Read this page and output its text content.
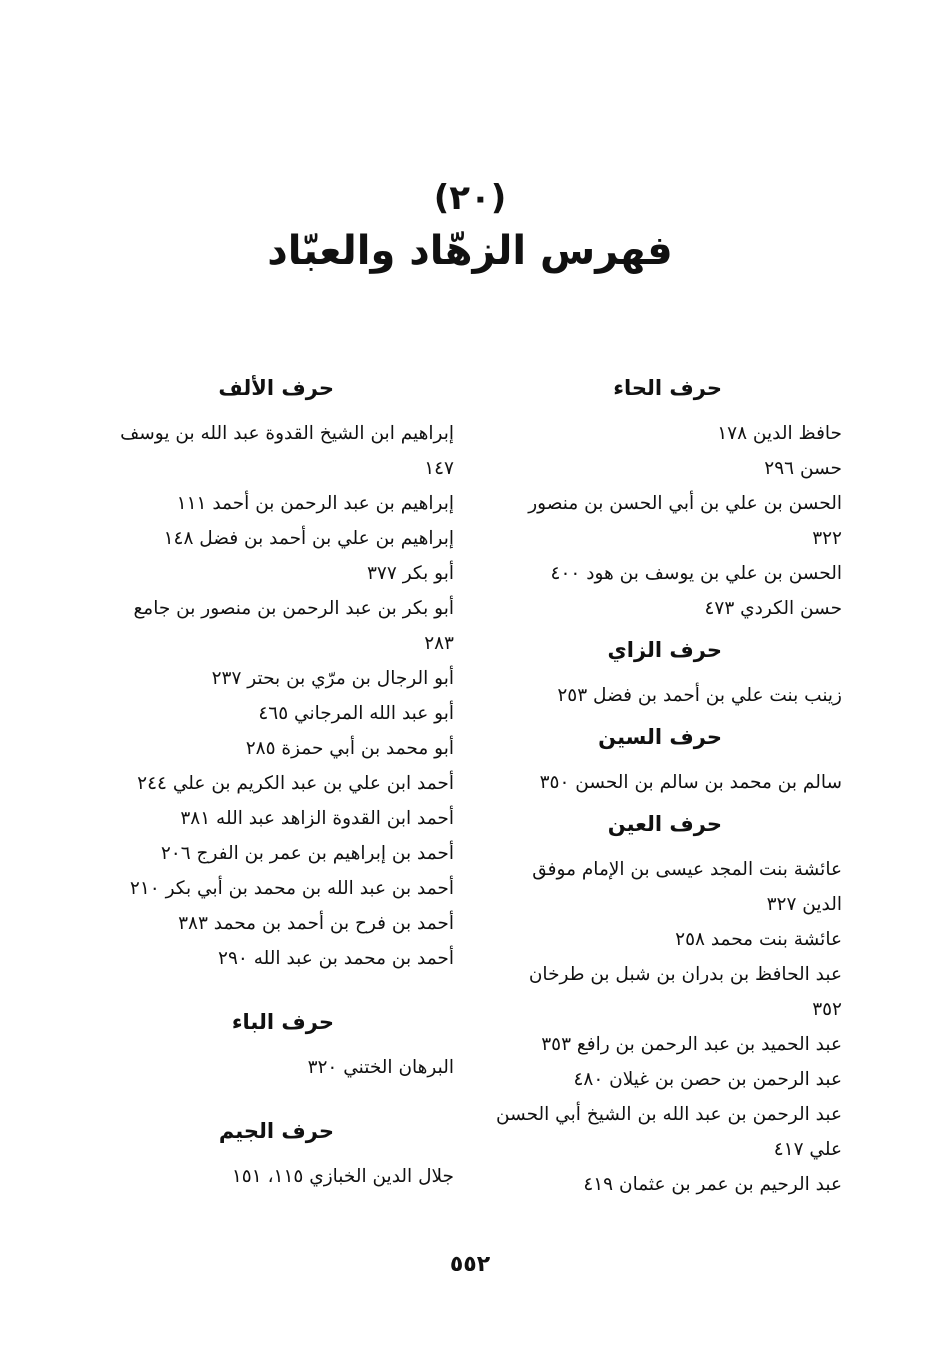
(٢٠)
فهرس الزهّاد والعبّاد
حرف الألف
إبراهيم ابن الشيخ القدوة عبد الله بن يوسف
١٤٧
إبراهيم بن عبد الرحمن بن أحمد ١١١
إبراهيم بن علي بن أحمد بن فضل ١٤٨
أبو بكر ٣٧٧
أبو بكر بن عبد الرحمن بن منصور بن جامع
٢٨٣
أبو الرجال بن مرّي بن بحتر ٢٣٧
أبو عبد الله المرجاني ٤٦٥
أبو محمد بن أبي حمزة ٢٨٥
أحمد ابن علي بن عبد الكريم بن علي ٢٤٤
أحمد ابن القدوة الزاهد عبد الله ٣٨١
أحمد بن إبراهيم بن عمر بن الفرج ٢٠٦
أحمد بن عبد الله بن محمد بن أبي بكر ٢١٠
أحمد بن فرح بن أحمد بن محمد ٣٨٣
أحمد بن محمد بن عبد الله ٢٩٠
حرف الباء
البرهان الختني ٣٢٠
حرف الجيم
جلال الدين الخبازي ١١٥، ١٥١
حرف الحاء
حافظ الدين ١٧٨
حسن ٢٩٦
الحسن بن علي بن أبي الحسن بن منصور
٣٢٢
الحسن بن علي بن يوسف بن هود ٤٠٠
حسن الكردي ٤٧٣
حرف الزاي
زينب بنت علي بن أحمد بن فضل ٢٥٣
حرف السين
سالم بن محمد بن سالم بن الحسن ٣٥٠
حرف العين
عائشة بنت المجد عيسى بن الإمام موفق
الدين ٣٢٧
عائشة بنت محمد ٢٥٨
عبد الحافظ بن بدران بن شبل بن طرخان
٣٥٢
عبد الحميد بن عبد الرحمن بن رافع ٣٥٣
عبد الرحمن بن حصن بن غيلان ٤٨٠
عبد الرحمن بن عبد الله بن الشيخ أبي الحسن
علي ٤١٧
عبد الرحيم بن عمر بن عثمان ٤١٩
٥٥٢
